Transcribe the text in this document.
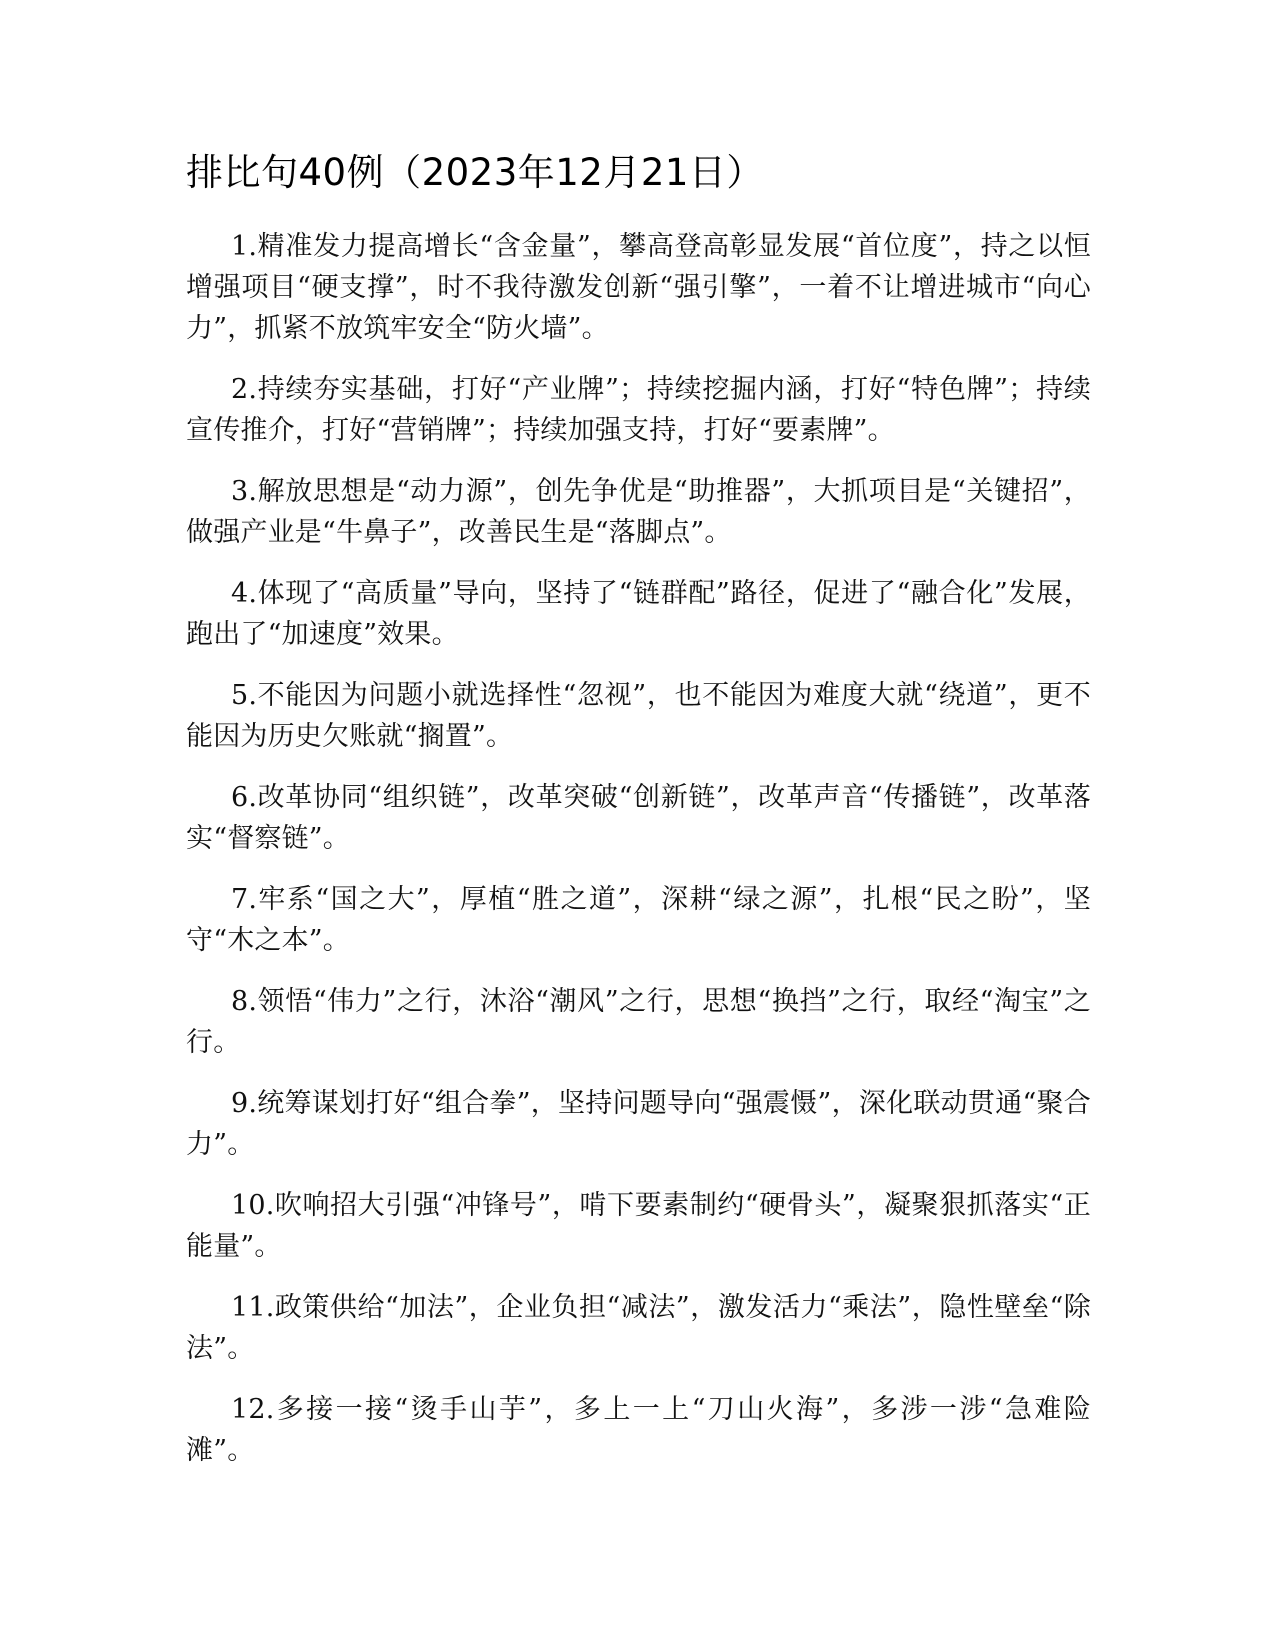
排比句40例（2023年12月21日）

1.精准发力提高增长“含金量”，攀高登高彰显发展“首位度”，持之以恒增强项目“硬支撑”，时不我待激发创新“强引擎”，一着不让增进城市“向心力”，抓紧不放筑牢安全“防火墙”。

2.持续夯实基础，打好“产业牌”；持续挖掘内涵，打好“特色牌”；持续宣传推介，打好“营销牌”；持续加强支持，打好“要素牌”。

3.解放思想是“动力源”，创先争优是“助推器”，大抓项目是“关键招”，做强产业是“牛鼻子”，改善民生是“落脚点”。

4.体现了“高质量”导向，坚持了“链群配”路径，促进了“融合化”发展，跑出了“加速度”效果。

5.不能因为问题小就选择性“忽视”，也不能因为难度大就“绕道”，更不能因为历史欠账就“搁置”。

6.改革协同“组织链”，改革突破“创新链”，改革声音“传播链”，改革落实“督察链”。

7.牢系“国之大”，厚植“胜之道”，深耕“绿之源”，扎根“民之盼”，坚守“木之本”。

8.领悟“伟力”之行，沐浴“潮风”之行，思想“换挡”之行，取经“淘宝”之行。

9.统筹谋划打好“组合拳”，坚持问题导向“强震慑”，深化联动贯通“聚合力”。

10.吹响招大引强“冲锋号”，啃下要素制约“硬骨头”，凝聚狠抓落实“正能量”。

11.政策供给“加法”，企业负担“减法”，激发活力“乘法”，隐性壁垒“除法”。

12.多接一接“烫手山芋”，多上一上“刀山火海”，多涉一涉“急难险滩”。
